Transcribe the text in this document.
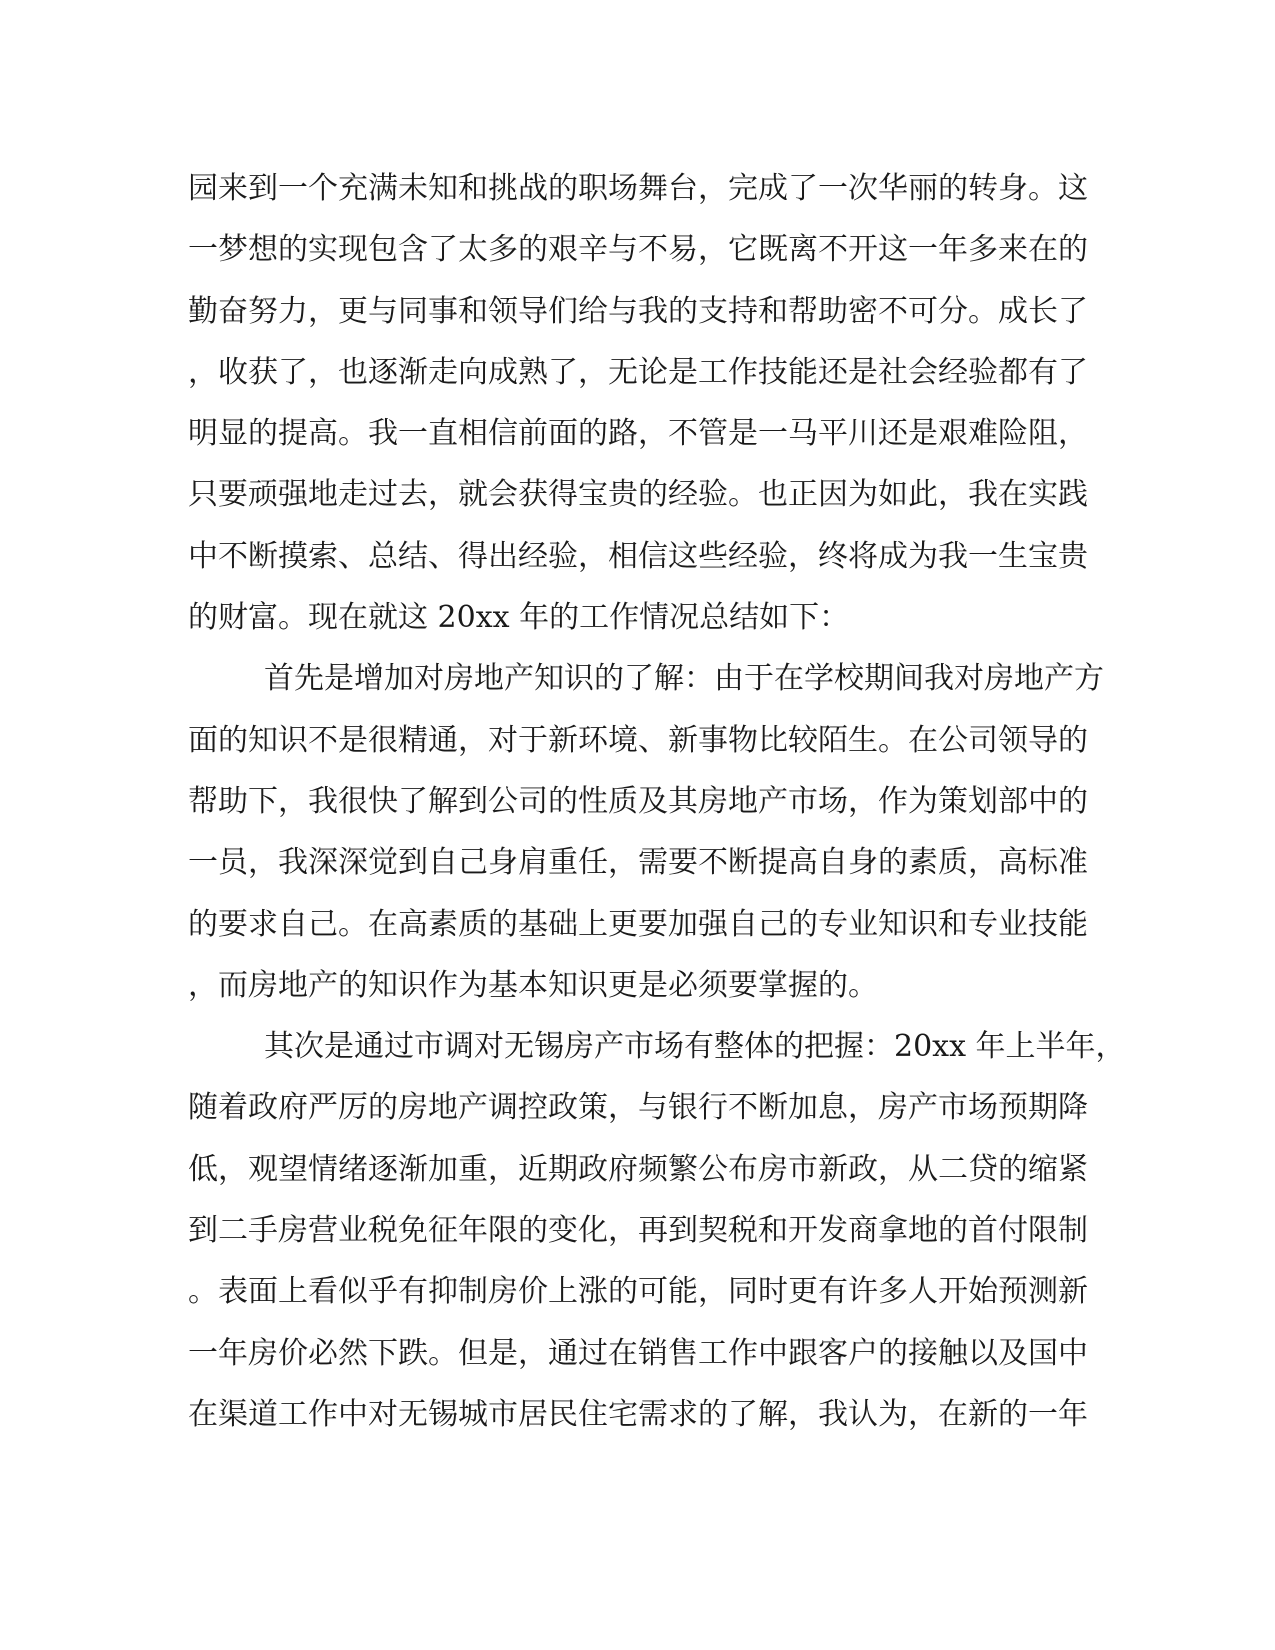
园来到一个充满未知和挑战的职场舞台，完成了一次华丽的转身。这
一梦想的实现包含了太多的艰辛与不易，它既离不开这一年多来在的
勤奋努力，更与同事和领导们给与我的支持和帮助密不可分。成长了
，收获了，也逐渐走向成熟了，无论是工作技能还是社会经验都有了
明显的提高。我一直相信前面的路，不管是一马平川还是艰难险阻，
只要顽强地走过去，就会获得宝贵的经验。也正因为如此，我在实践
中不断摸索、总结、得出经验，相信这些经验，终将成为我一生宝贵
的财富。现在就这 20xx 年的工作情况总结如下：
首先是增加对房地产知识的了解：由于在学校期间我对房地产方
面的知识不是很精通，对于新环境、新事物比较陌生。在公司领导的
帮助下，我很快了解到公司的性质及其房地产市场，作为策划部中的
一员，我深深觉到自己身肩重任，需要不断提高自身的素质，高标准
的要求自己。在高素质的基础上更要加强自己的专业知识和专业技能
，而房地产的知识作为基本知识更是必须要掌握的。
其次是通过市调对无锡房产市场有整体的把握：20xx 年上半年，
随着政府严厉的房地产调控政策，与银行不断加息，房产市场预期降
低，观望情绪逐渐加重，近期政府频繁公布房市新政，从二贷的缩紧
到二手房营业税免征年限的变化，再到契税和开发商拿地的首付限制
。表面上看似乎有抑制房价上涨的可能，同时更有许多人开始预测新
一年房价必然下跌。但是，通过在销售工作中跟客户的接触以及国中
在渠道工作中对无锡城市居民住宅需求的了解，我认为，在新的一年
